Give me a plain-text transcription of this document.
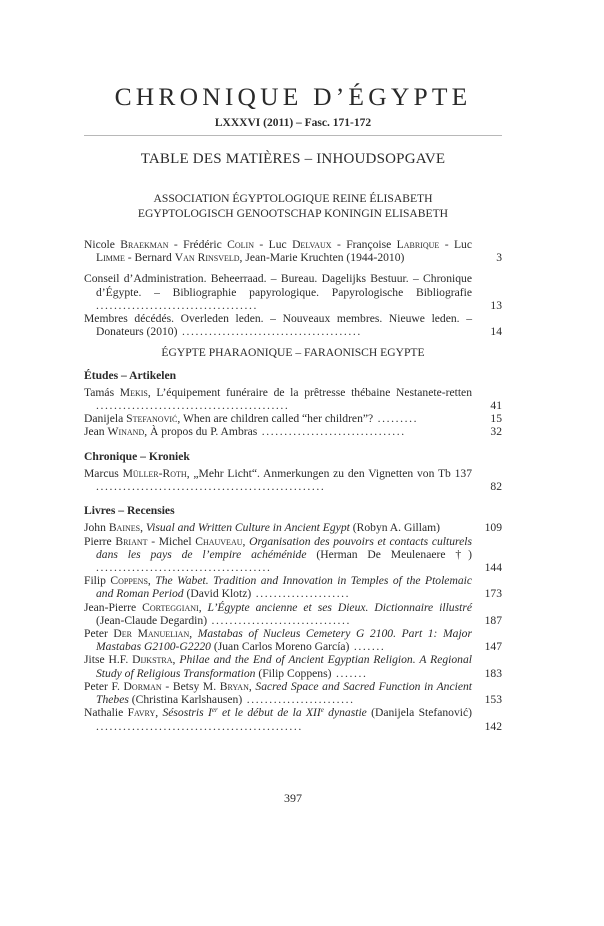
CHRONIQUE D’ÉGYPTE
LXXXVI (2011) – Fasc. 171-172
TABLE DES MATIÈRES – INHOUDSOPGAVE
ASSOCIATION ÉGYPTOLOGIQUE REINE ÉLISABETH
EGYPTOLOGISCH GENOOTSCHAP KONINGIN ELISABETH
Nicole Braekman - Frédéric Colin - Luc Delvaux - Françoise Labrique - Luc Limme - Bernard Van Rinsveld, Jean-Marie Kruchten (1944-2010)	3
Conseil d’Administration. Beheerraad. – Bureau. Dagelijks Bestuur. – Chronique d’Égypte. – Bibliographie papyrologique. Papyrologische Bibliografie ....................................	13
Membres décédés. Overleden leden. – Nouveaux membres. Nieuwe leden. – Donateurs (2010) ........................................	14
ÉGYPTE PHARAONIQUE – FARAONISCH EGYPTE
Études – Artikelen
Tamás Mekis, L’équipement funéraire de la prêtresse thébaine Nestanete-retten ...........................................	41
Danijela Stefanović, When are children called “her children”? .........	15
Jean Winand, À propos du P. Ambras ................................	32
Chronique – Kroniek
Marcus Müller-Roth, „Mehr Licht“. Anmerkungen zu den Vignetten von Tb 137 ...................................................	82
Livres – Recensies
John Baines, Visual and Written Culture in Ancient Egypt (Robyn A. Gillam)	109
Pierre Briant - Michel Chauveau, Organisation des pouvoirs et contacts culturels dans les pays de l’empire achéménide (Herman De Meulenaere †) .......................................	144
Filip Coppens, The Wabet. Tradition and Innovation in Temples of the Ptolemaic and Roman Period (David Klotz) .....................	173
Jean-Pierre Corteggiani, L’Égypte ancienne et ses Dieux. Dictionnaire illustré (Jean-Claude Degardin) ...............................	187
Peter Der Manuelian, Mastabas of Nucleus Cemetery G 2100. Part 1: Major Mastabas G2100-G2220 (Juan Carlos Moreno García) .......	147
Jitse H.F. Dijkstra, Philae and the End of Ancient Egyptian Religion. A Regional Study of Religious Transformation (Filip Coppens) .......	183
Peter F. Dorman - Betsy M. Bryan, Sacred Space and Sacred Function in Ancient Thebes (Christina Karlshausen) ........................	153
Nathalie Favry, Sésostris Ier et le début de la XIIe dynastie (Danijela Stefanović) ..............................................	142
397
